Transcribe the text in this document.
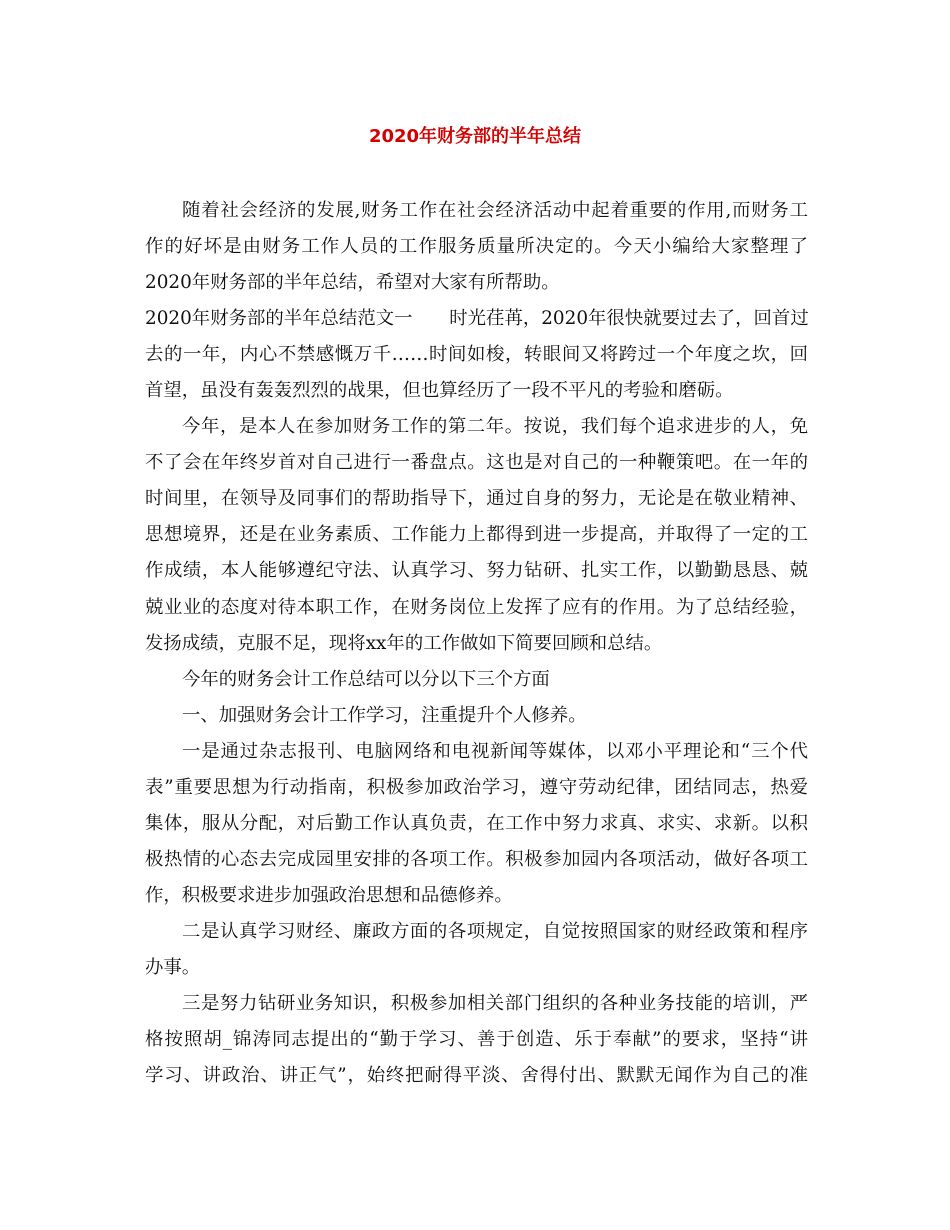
2020年财务部的半年总结
随着社会经济的发展,财务工作在社会经济活动中起着重要的作用,而财务工
作的好坏是由财务工作人员的工作服务质量所决定的。今天小编给大家整理了
2020年财务部的半年总结，希望对大家有所帮助。
2020年财务部的半年总结范文一　　时光荏苒，2020年很快就要过去了，回首过
去的一年，内心不禁感慨万千……时间如梭，转眼间又将跨过一个年度之坎，回
首望，虽没有轰轰烈烈的战果，但也算经历了一段不平凡的考验和磨砺。
今年，是本人在参加财务工作的第二年。按说，我们每个追求进步的人，免
不了会在年终岁首对自己进行一番盘点。这也是对自己的一种鞭策吧。在一年的
时间里，在领导及同事们的帮助指导下，通过自身的努力，无论是在敬业精神、
思想境界，还是在业务素质、工作能力上都得到进一步提高，并取得了一定的工
作成绩，本人能够遵纪守法、认真学习、努力钻研、扎实工作，以勤勤恳恳、兢
兢业业的态度对待本职工作，在财务岗位上发挥了应有的作用。为了总结经验，
发扬成绩，克服不足，现将xx年的工作做如下简要回顾和总结。
今年的财务会计工作总结可以分以下三个方面
一、加强财务会计工作学习，注重提升个人修养。
一是通过杂志报刊、电脑网络和电视新闻等媒体，以邓小平理论和“三个代
表”重要思想为行动指南，积极参加政治学习，遵守劳动纪律，团结同志，热爱
集体，服从分配，对后勤工作认真负责，在工作中努力求真、求实、求新。以积
极热情的心态去完成园里安排的各项工作。积极参加园内各项活动，做好各项工
作，积极要求进步加强政治思想和品德修养。
二是认真学习财经、廉政方面的各项规定，自觉按照国家的财经政策和程序
办事。
三是努力钻研业务知识，积极参加相关部门组织的各种业务技能的培训，严
格按照胡_锦涛同志提出的“勤于学习、善于创造、乐于奉献”的要求，坚持“讲
学习、讲政治、讲正气”，始终把耐得平淡、舍得付出、默默无闻作为自己的准
